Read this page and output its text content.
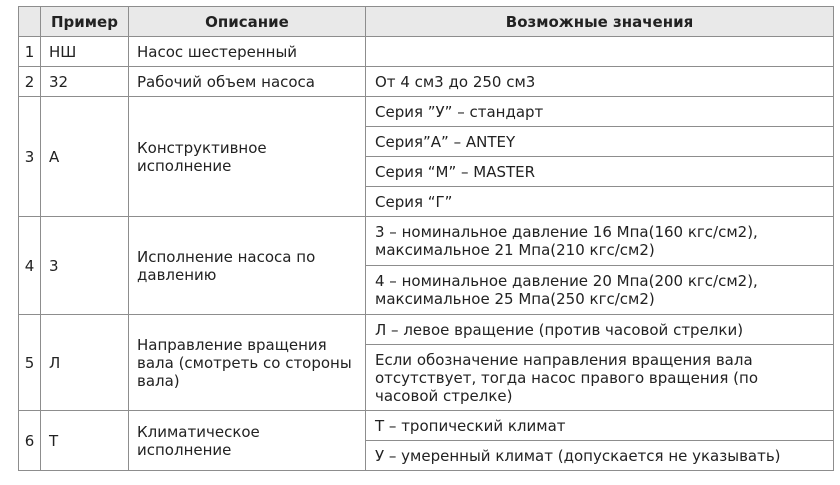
	Пример	Описание	Возможные значения
1	НШ	Насос шестеренный	
2	32	Рабочий объем насоса	От 4 см3 до 250 см3
3	А	Конструктивное исполнение	Серия ”У” – стандарт
			Серия”А” – ANTEY
			Серия “М” – MASTER
			Серия “Г”
4	3	Исполнение насоса по давлению	3 – номинальное давление 16 Мпа(160 кгс/см2), максимальное 21 Мпа(210 кгс/см2)
			4 – номинальное давление 20 Мпа(200 кгс/см2), максимальное 25 Мпа(250 кгс/см2)
5	Л	Направление вращения вала (смотреть со стороны вала)	Л – левое вращение (против часовой стрелки)
			Если обозначение направления вращения вала отсутствует, тогда насос правого вращения (по часовой стрелке)
6	Т	Климатическое исполнение	Т – тропический климат
			У – умеренный климат (допускается не указывать)
